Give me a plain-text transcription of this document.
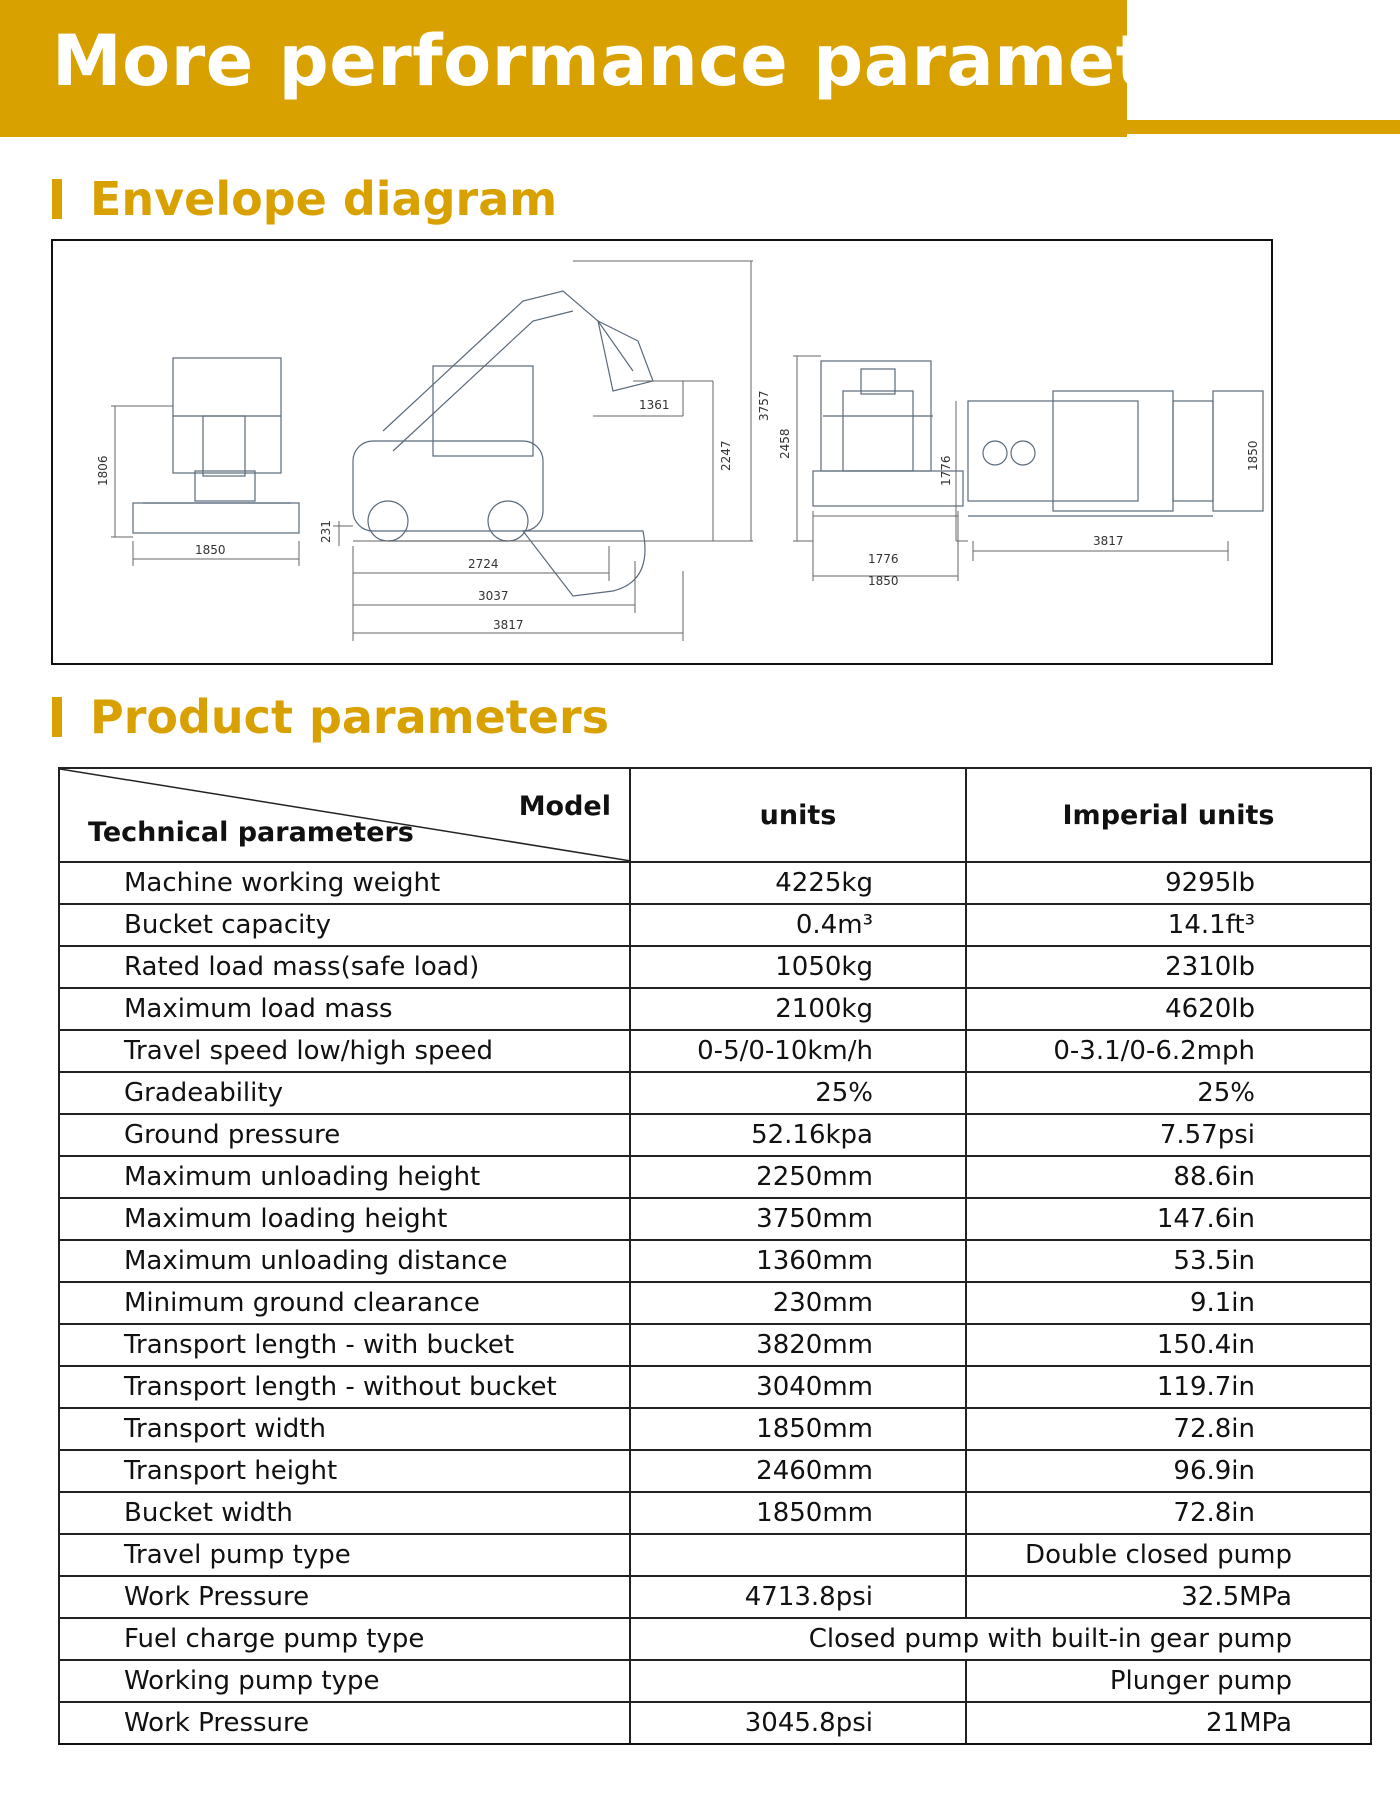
More performance parameters
Envelope diagram
1806
1850
1361
2247
3757
231
2724
3037
3817
2458
1776
1850
1776
3817
1850
Product parameters
Model
Technical parameters	units	Imperial units
Machine working weight	4225kg	9295lb
Bucket capacity	0.4m³	14.1ft³
Rated load mass(safe load)	1050kg	2310lb
Maximum load mass	2100kg	4620lb
Travel speed low/high speed	0-5/0-10km/h	0-3.1/0-6.2mph
Gradeability	25%	25%
Ground pressure	52.16kpa	7.57psi
Maximum unloading height	2250mm	88.6in
Maximum loading height	3750mm	147.6in
Maximum unloading distance	1360mm	53.5in
Minimum ground clearance	230mm	9.1in
Transport length - with bucket	3820mm	150.4in
Transport length - without bucket	3040mm	119.7in
Transport width	1850mm	72.8in
Transport height	2460mm	96.9in
Bucket width	1850mm	72.8in
Travel pump type		Double closed pump
Work Pressure	4713.8psi	32.5MPa
Fuel charge pump type	Closed pump with built-in gear pump	
Working pump type		Plunger pump
Work Pressure	3045.8psi	21MPa
